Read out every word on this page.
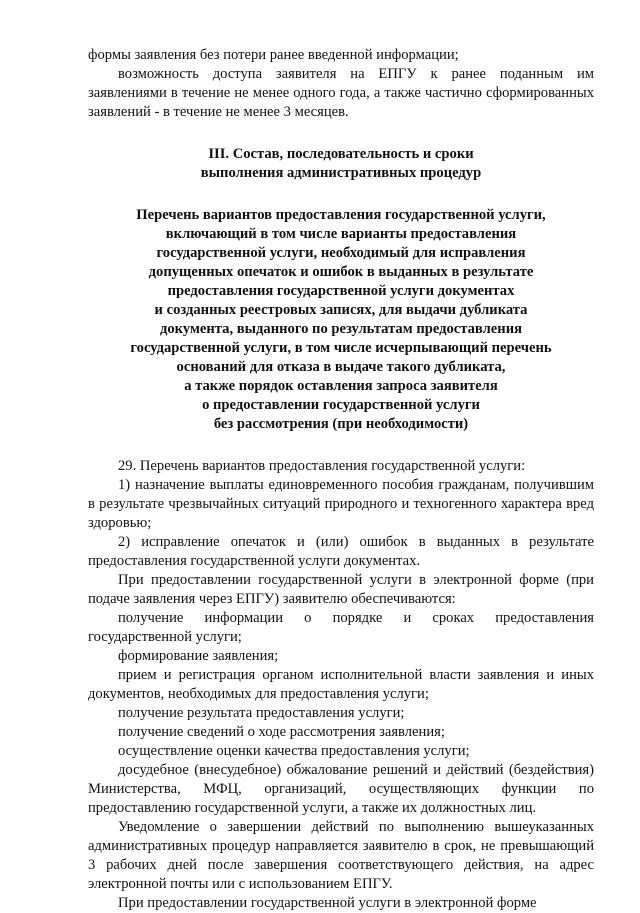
формы заявления без потери ранее введенной информации;

возможность доступа заявителя на ЕПГУ к ранее поданным им заявлениями в течение не менее одного года, а также частично сформированных заявлений - в течение не менее 3 месяцев.

III. Состав, последовательность и сроки

выполнения административных процедур

Перечень вариантов предоставления государственной услуги,

включающий в том числе варианты предоставления

государственной услуги, необходимый для исправления

допущенных опечаток и ошибок в выданных в результате

предоставления государственной услуги документах

и созданных реестровых записях, для выдачи дубликата

документа, выданного по результатам предоставления

государственной услуги, в том числе исчерпывающий перечень

оснований для отказа в выдаче такого дубликата,

а также порядок оставления запроса заявителя

о предоставлении государственной услуги

без рассмотрения (при необходимости)

29. Перечень вариантов предоставления государственной услуги:

1) назначение выплаты единовременного пособия гражданам, получившим в результате чрезвычайных ситуаций природного и техногенного характера вред здоровью;

2) исправление опечаток и (или) ошибок в выданных в результате предоставления государственной услуги документах.

При предоставлении государственной услуги в электронной форме (при подаче заявления через ЕПГУ) заявителю обеспечиваются:

получение информации о порядке и сроках предоставления государственной услуги;

формирование заявления;

прием и регистрация органом исполнительной власти заявления и иных документов, необходимых для предоставления услуги;

получение результата предоставления услуги;

получение сведений о ходе рассмотрения заявления;

осуществление оценки качества предоставления услуги;

досудебное (внесудебное) обжалование решений и действий (бездействия) Министерства, МФЦ, организаций, осуществляющих функции по предоставлению государственной услуги, а также их должностных лиц.

Уведомление о завершении действий по выполнению вышеуказанных административных процедур направляется заявителю в срок, не превышающий 3 рабочих дней после завершения соответствующего действия, на адрес электронной почты или с использованием ЕПГУ.

При предоставлении государственной услуги в электронной форме
